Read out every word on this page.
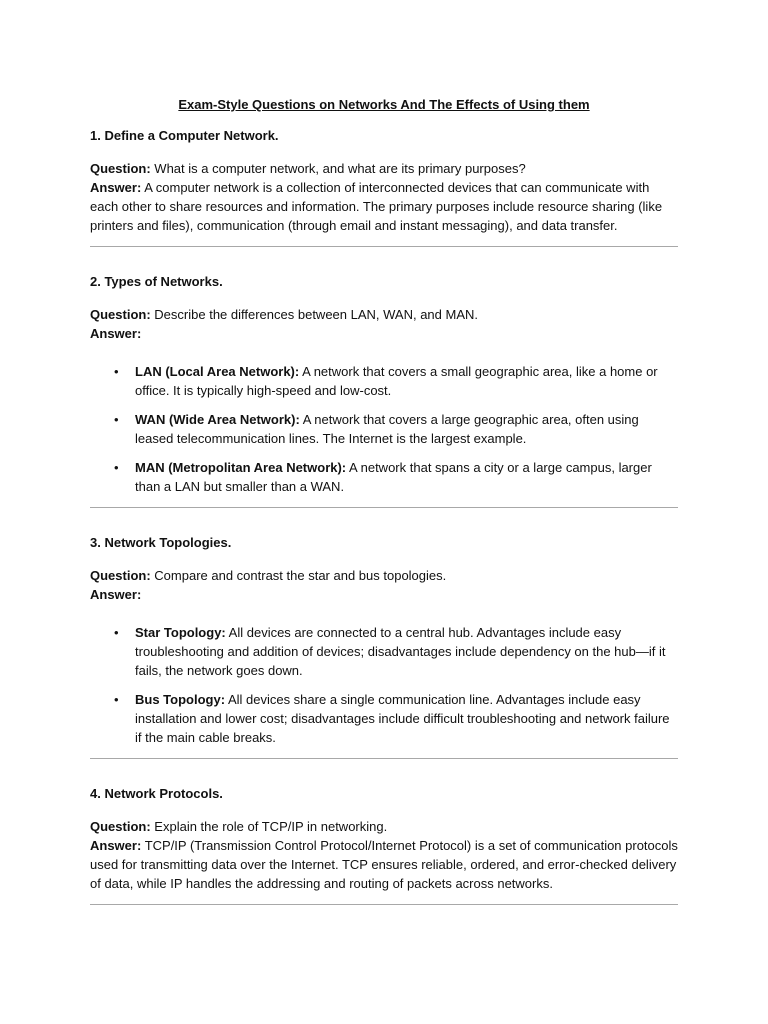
Exam-Style Questions on Networks And The Effects of Using them
1. Define a Computer Network.

Question: What is a computer network, and what are its primary purposes?

Answer: A computer network is a collection of interconnected devices that can communicate with each other to share resources and information. The primary purposes include resource sharing (like printers and files), communication (through email and instant messaging), and data transfer.

2. Types of Networks.

Question: Describe the differences between LAN, WAN, and MAN.

Answer:

• LAN (Local Area Network): A network that covers a small geographic area, like a home or office. It is typically high-speed and low-cost.
• WAN (Wide Area Network): A network that covers a large geographic area, often using leased telecommunication lines. The Internet is the largest example.
• MAN (Metropolitan Area Network): A network that spans a city or a large campus, larger than a LAN but smaller than a WAN.
3. Network Topologies.

Question: Compare and contrast the star and bus topologies.

Answer:

• Star Topology: All devices are connected to a central hub. Advantages include easy troubleshooting and addition of devices; disadvantages include dependency on the hub—if it fails, the network goes down.
• Bus Topology: All devices share a single communication line. Advantages include easy installation and lower cost; disadvantages include difficult troubleshooting and network failure if the main cable breaks.
4. Network Protocols.

Question: Explain the role of TCP/IP in networking.

Answer: TCP/IP (Transmission Control Protocol/Internet Protocol) is a set of communication protocols used for transmitting data over the Internet. TCP ensures reliable, ordered, and error-checked delivery of data, while IP handles the addressing and routing of packets across networks.
